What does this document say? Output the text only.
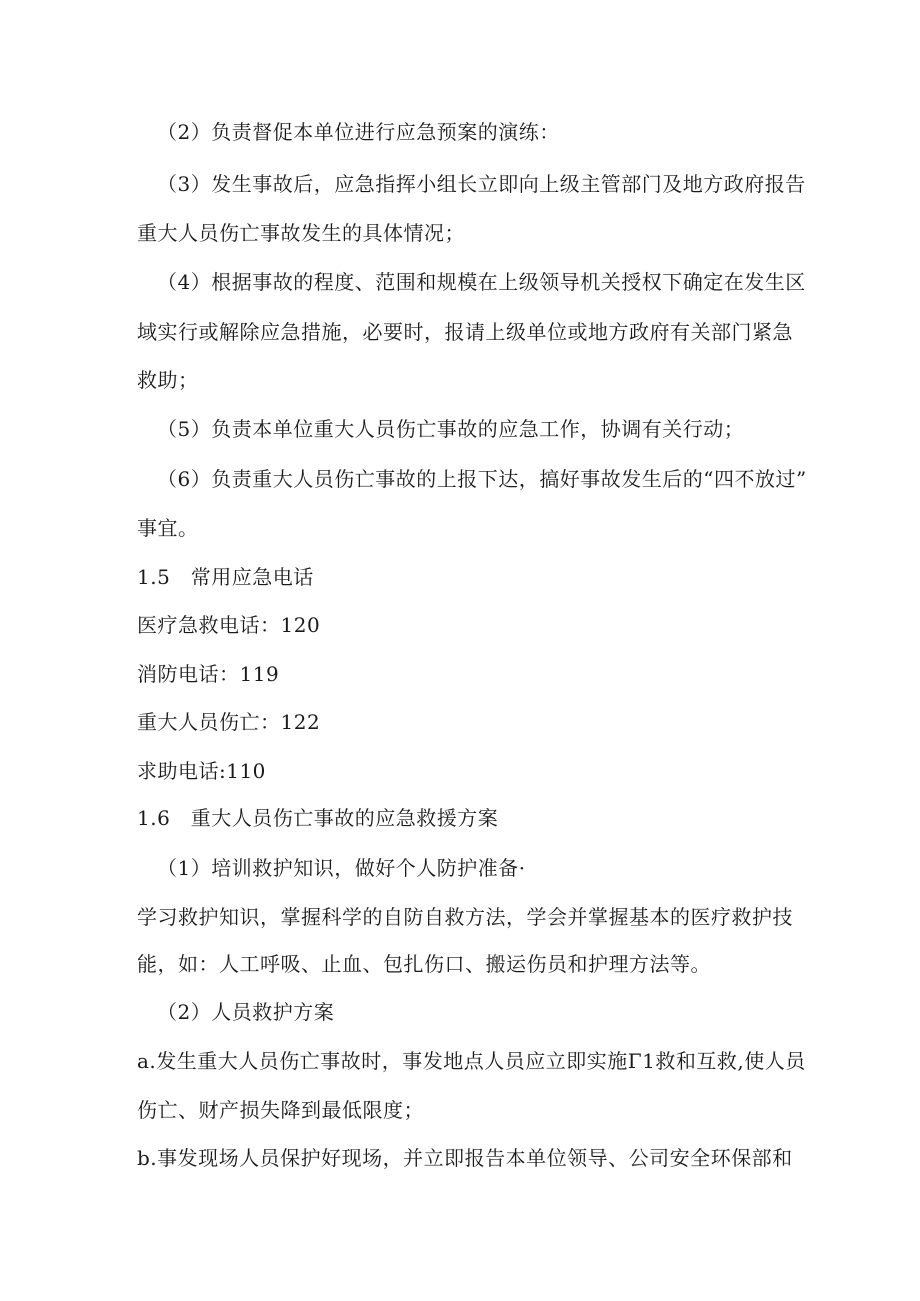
（2）负责督促本单位进行应急预案的演练：
（3）发生事故后，应急指挥小组长立即向上级主管部门及地方政府报告
重大人员伤亡事故发生的具体情况；
（4）根据事故的程度、范围和规模在上级领导机关授权下确定在发生区
域实行或解除应急措施，必要时，报请上级单位或地方政府有关部门紧急
救助；
（5）负责本单位重大人员伤亡事故的应急工作，协调有关行动；
（6）负责重大人员伤亡事故的上报下达，搞好事故发生后的“四不放过”
事宜。
1.5　常用应急电话
医疗急救电话：120
消防电话：119
重大人员伤亡：122
求助电话:110
1.6　重大人员伤亡事故的应急救援方案
（1）培训救护知识，做好个人防护准备·
学习救护知识，掌握科学的自防自救方法，学会并掌握基本的医疗救护技
能，如：人工呼吸、止血、包扎伤口、搬运伤员和护理方法等。
（2）人员救护方案
a.发生重大人员伤亡事故时，事发地点人员应立即实施Γ1救和互救,使人员
伤亡、财产损失降到最低限度；
b.事发现场人员保护好现场，并立即报告本单位领导、公司安全环保部和
